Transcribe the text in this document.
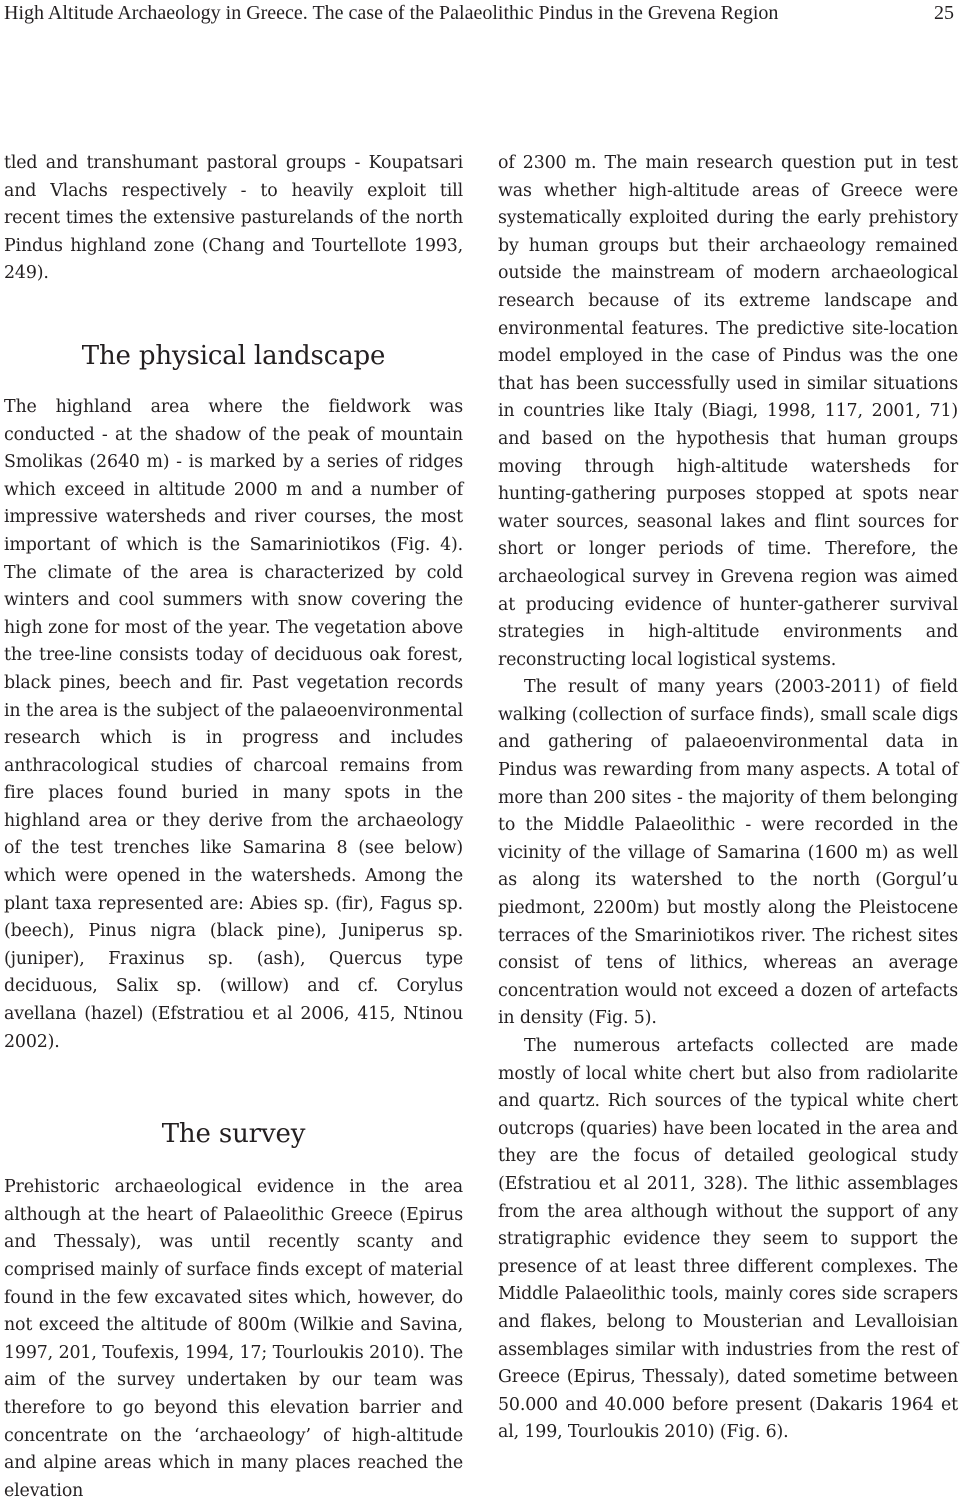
High Altitude Archaeology in Greece. The case of the Palaeolithic Pindus in the Grevena Region	25

tled and transhumant pastoral groups - Koupatsari and Vlachs respectively - to heavily exploit till recent times the extensive pasturelands of the north Pindus highland zone (Chang and Tourtellote 1993, 249).

The physical landscape

The highland area where the fieldwork was conducted - at the shadow of the peak of mountain Smolikas (2640 m) - is marked by a series of ridges which exceed in altitude 2000 m and a number of impressive watersheds and river courses, the most important of which is the Samariniotikos (Fig. 4). The climate of the area is characterized by cold winters and cool summers with snow covering the high zone for most of the year. The vegetation above the tree-line consists today of deciduous oak forest, black pines, beech and fir. Past vegetation records in the area is the subject of the palaeoenvironmental research which is in progress and includes anthracological studies of charcoal remains from fire places found buried in many spots in the highland area or they derive from the archaeology of the test trenches like Samarina 8 (see below) which were opened in the watersheds. Among the plant taxa represented are: Abies sp. (fir), Fagus sp. (beech), Pinus nigra (black pine), Juniperus sp. (juniper), Fraxinus sp. (ash), Quercus type deciduous, Salix sp. (willow) and cf. Corylus avellana (hazel) (Efstratiou et al 2006, 415, Ntinou 2002).

The survey

Prehistoric archaeological evidence in the area although at the heart of Palaeolithic Greece (Epirus and Thessaly), was until recently scanty and comprised mainly of surface finds except of material found in the few excavated sites which, however, do not exceed the altitude of 800m (Wilkie and Savina, 1997, 201, Toufexis, 1994, 17; Tourloukis 2010). The aim of the survey undertaken by our team was therefore to go beyond this elevation barrier and concentrate on the ‘archaeology’ of high-altitude and alpine areas which in many places reached the elevation

of 2300 m. The main research question put in test was whether high-altitude areas of Greece were systematically exploited during the early prehistory by human groups but their archaeology remained outside the mainstream of modern archaeological research because of its extreme landscape and environmental features. The predictive site-location model employed in the case of Pindus was the one that has been successfully used in similar situations in countries like Italy (Biagi, 1998, 117, 2001, 71) and based on the hypothesis that human groups moving through high-altitude watersheds for hunting-gathering purposes stopped at spots near water sources, seasonal lakes and flint sources for short or longer periods of time. Therefore, the archaeological survey in Grevena region was aimed at producing evidence of hunter-gatherer survival strategies in high-altitude environments and reconstructing local logistical systems.

The result of many years (2003-2011) of field walking (collection of surface finds), small scale digs and gathering of palaeoenvironmental data in Pindus was rewarding from many aspects. A total of more than 200 sites - the majority of them belonging to the Middle Palaeolithic - were recorded in the vicinity of the village of Samarina (1600 m) as well as along its watershed to the north (Gorgul’u piedmont, 2200m) but mostly along the Pleistocene terraces of the Smariniotikos river. The richest sites consist of tens of lithics, whereas an average concentration would not exceed a dozen of artefacts in density (Fig. 5).

The numerous artefacts collected are made mostly of local white chert but also from radiolarite and quartz. Rich sources of the typical white chert outcrops (quaries) have been located in the area and they are the focus of detailed geological study (Efstratiou et al 2011, 328). The lithic assemblages from the area although without the support of any stratigraphic evidence they seem to support the presence of at least three different complexes. The Middle Palaeolithic tools, mainly cores side scrapers and flakes, belong to Mousterian and Levalloisian assemblages similar with industries from the rest of Greece (Epirus, Thessaly), dated sometime between 50.000 and 40.000 before present (Dakaris 1964 et al, 199, Tourloukis 2010) (Fig. 6).
